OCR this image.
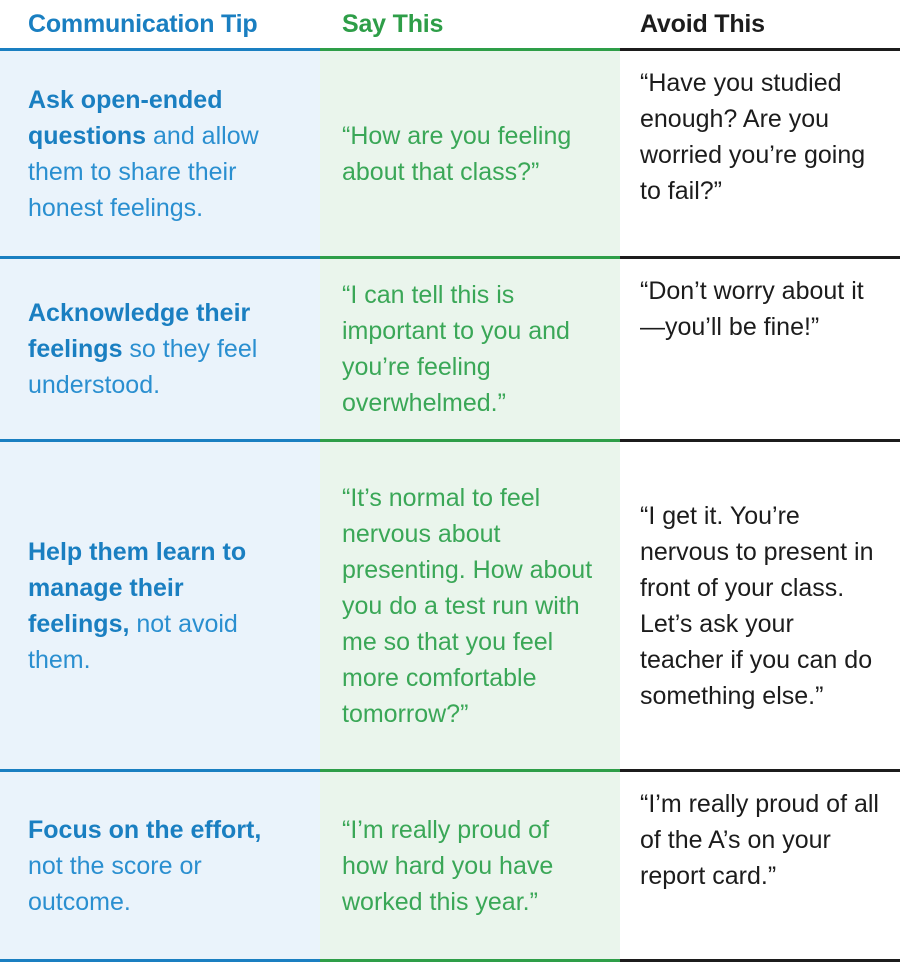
Communication Tip	Say This	Avoid This
Ask open-ended questions and allow them to share their honest feelings.
“How are you feeling about that class?”
“Have you studied enough? Are you worried you’re going to fail?”
Acknowledge their feelings so they feel understood.
“I can tell this is important to you and you’re feeling overwhelmed.”
“Don’t worry about it—you’ll be fine!”
Help them learn to manage their feelings, not avoid them.
“It’s normal to feel nervous about presenting. How about you do a test run with me so that you feel more comfortable tomorrow?”
“I get it. You’re nervous to present in front of your class. Let’s ask your teacher if you can do something else.”
Focus on the effort, not the score or outcome.
“I’m really proud of how hard you have worked this year.”
“I’m really proud of all of the A’s on your report card.”
